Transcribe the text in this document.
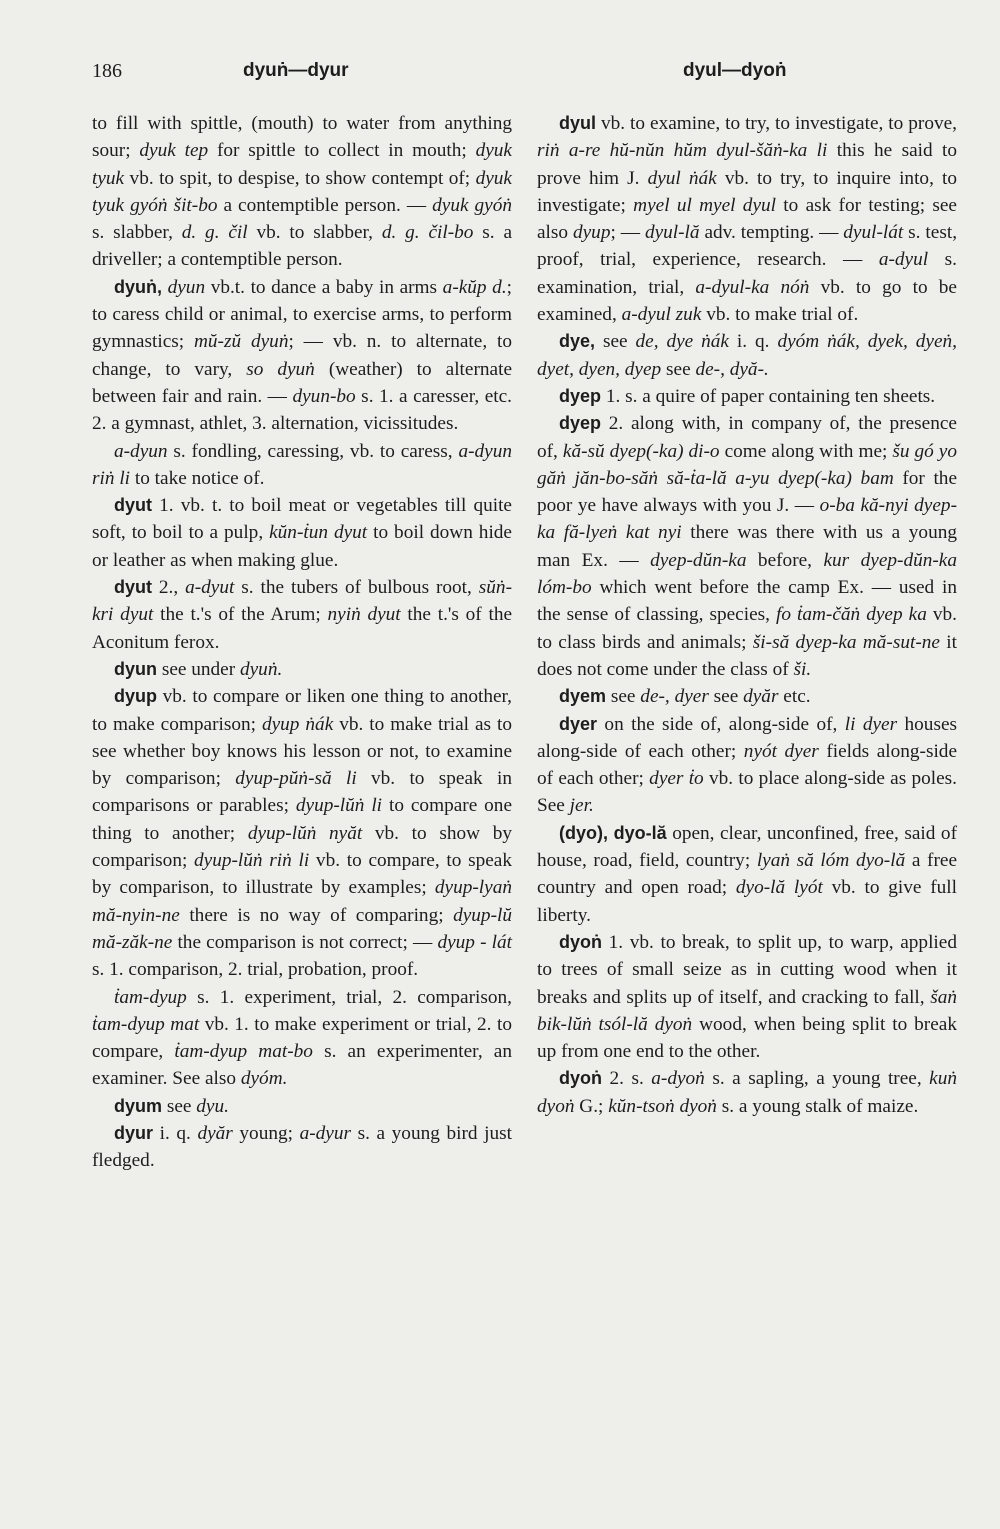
186	dyuṅ—dyur	dyul—dyoṅ

to fill with spittle, (mouth) to water from anything sour; dyuk tep for spittle to collect in mouth; dyuk tyuk vb. to spit, to despise, to show contempt of; dyuk tyuk gyóṅ šit-bo a contemptible person. — dyuk gyóṅ s. slabber, d. g. čil vb. to slabber, d. g. čil-bo s. a driveller; a contemptible person.

dyuṅ, dyun vb.t. to dance a baby in arms a-kŭp d.; to caress child or animal, to exercise arms, to perform gymnastics; mŭ-zŭ dyuṅ; — vb. n. to alternate, to change, to vary, so dyuṅ (weather) to alternate between fair and rain. — dyun-bo s. 1. a caresser, etc. 2. a gymnast, athlet, 3. alternation, vicissitudes.

a-dyun s. fondling, caressing, vb. to caress, a-dyun riṅ li to take notice of.

dyut 1. vb. t. to boil meat or vegetables till quite soft, to boil to a pulp, kŭn-ṫun dyut to boil down hide or leather as when making glue.

dyut 2., a-dyut s. the tubers of bulbous root, sŭṅ-kri dyut the t.'s of the Arum; nyiṅ dyut the t.'s of the Aconitum ferox.

dyun see under dyuṅ.

dyup vb. to compare or liken one thing to another, to make comparison; dyup ṅák vb. to make trial as to see whether boy knows his lesson or not, to examine by comparison; dyup-pŭṅ-să li vb. to speak in comparisons or parables; dyup-lŭṅ li to compare one thing to another; dyup-lŭṅ nyăt vb. to show by comparison; dyup-lŭṅ riṅ li vb. to compare, to speak by comparison, to illustrate by examples; dyup-lyaṅ mă-nyin-ne there is no way of comparing; dyup-lŭ mă-zăk-ne the comparison is not correct; — dyup - lát s. 1. comparison, 2. trial, probation, proof.

ṫam-dyup s. 1. experiment, trial, 2. comparison, ṫam-dyup mat vb. 1. to make experiment or trial, 2. to compare, ṫam-dyup mat-bo s. an experimenter, an examiner. See also dyóm.

dyum see dyu.

dyur i. q. dyăr young; a-dyur s. a young bird just fledged.

dyul vb. to examine, to try, to investigate, to prove, riṅ a-re hŭ-nŭn hŭm dyul-šăṅ-ka li this he said to prove him J. dyul ṅák vb. to try, to inquire into, to investigate; myel ul myel dyul to ask for testing; see also dyup; — dyul-lă adv. tempting. — dyul-lát s. test, proof, trial, experience, research. — a-dyul s. examination, trial, a-dyul-ka nóṅ vb. to go to be examined, a-dyul zuk vb. to make trial of.

dye, see de, dye ṅák i. q. dyóm ṅák, dyek, dyeṅ, dyet, dyen, dyep see de-, dyă-.

dyep 1. s. a quire of paper containing ten sheets.

dyep 2. along with, in company of, the presence of, kă-sŭ dyep(-ka) di-o come along with me; šu gó yo găṅ jăn-bo-săṅ să-ṫa-lă a-yu dyep(-ka) bam for the poor ye have always with you J. — o-ba kă-nyi dyep-ka fă-lyeṅ kat nyi there was there with us a young man Ex. — dyep-dŭn-ka before, kur dyep-dŭn-ka lóm-bo which went before the camp Ex. — used in the sense of classing, species, fo ṫam-čăṅ dyep ka vb. to class birds and animals; ši-să dyep-ka mă-sut-ne it does not come under the class of ši.

dyem see de-, dyer see dyăr etc.

dyer on the side of, along-side of, li dyer houses along-side of each other; nyót dyer fields along-side of each other; dyer ṫo vb. to place along-side as poles. See jer.

(dyo), dyo-lă open, clear, unconfined, free, said of house, road, field, country; lyaṅ să lóm dyo-lă a free country and open road; dyo-lă lyót vb. to give full liberty.

dyoṅ 1. vb. to break, to split up, to warp, applied to trees of small seize as in cutting wood when it breaks and splits up of itself, and cracking to fall, šaṅ bik-lŭṅ tsól-lă dyoṅ wood, when being split to break up from one end to the other.

dyoṅ 2. s. a-dyoṅ s. a sapling, a young tree, kuṅ dyoṅ G.; kŭn-tsoṅ dyoṅ s. a young stalk of maize.
